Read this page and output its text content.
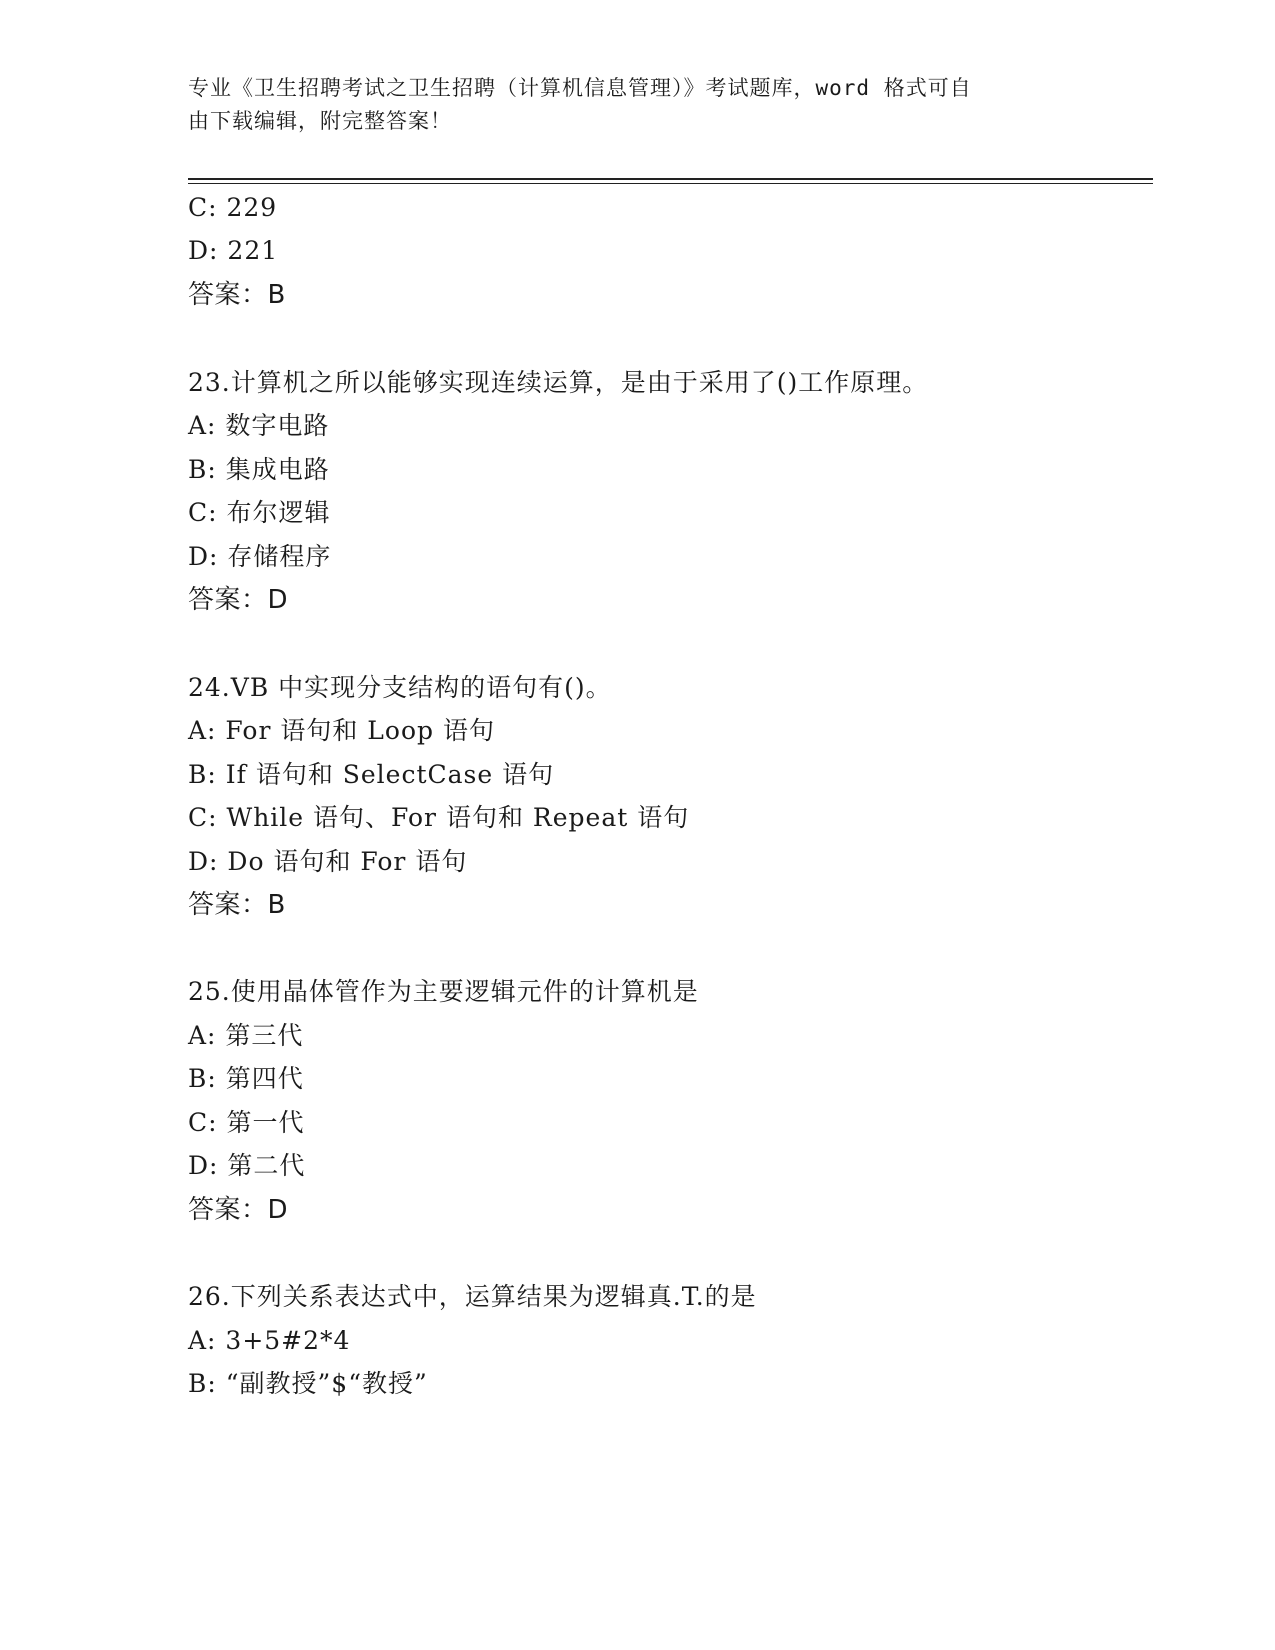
专业《卫生招聘考试之卫生招聘（计算机信息管理）》考试题库，word 格式可自
由下载编辑，附完整答案！
C: 229
D: 221
答案：B
23.计算机之所以能够实现连续运算，是由于采用了()工作原理。
A: 数字电路
B: 集成电路
C: 布尔逻辑
D: 存储程序
答案：D
24.VB 中实现分支结构的语句有()。
A: For 语句和 Loop 语句
B: If 语句和 SelectCase 语句
C: While 语句、For 语句和 Repeat 语句
D: Do 语句和 For 语句
答案：B
25.使用晶体管作为主要逻辑元件的计算机是
A: 第三代
B: 第四代
C: 第一代
D: 第二代
答案：D
26.下列关系表达式中，运算结果为逻辑真.T.的是
A: 3+5#2*4
B: “副教授”$“教授”
